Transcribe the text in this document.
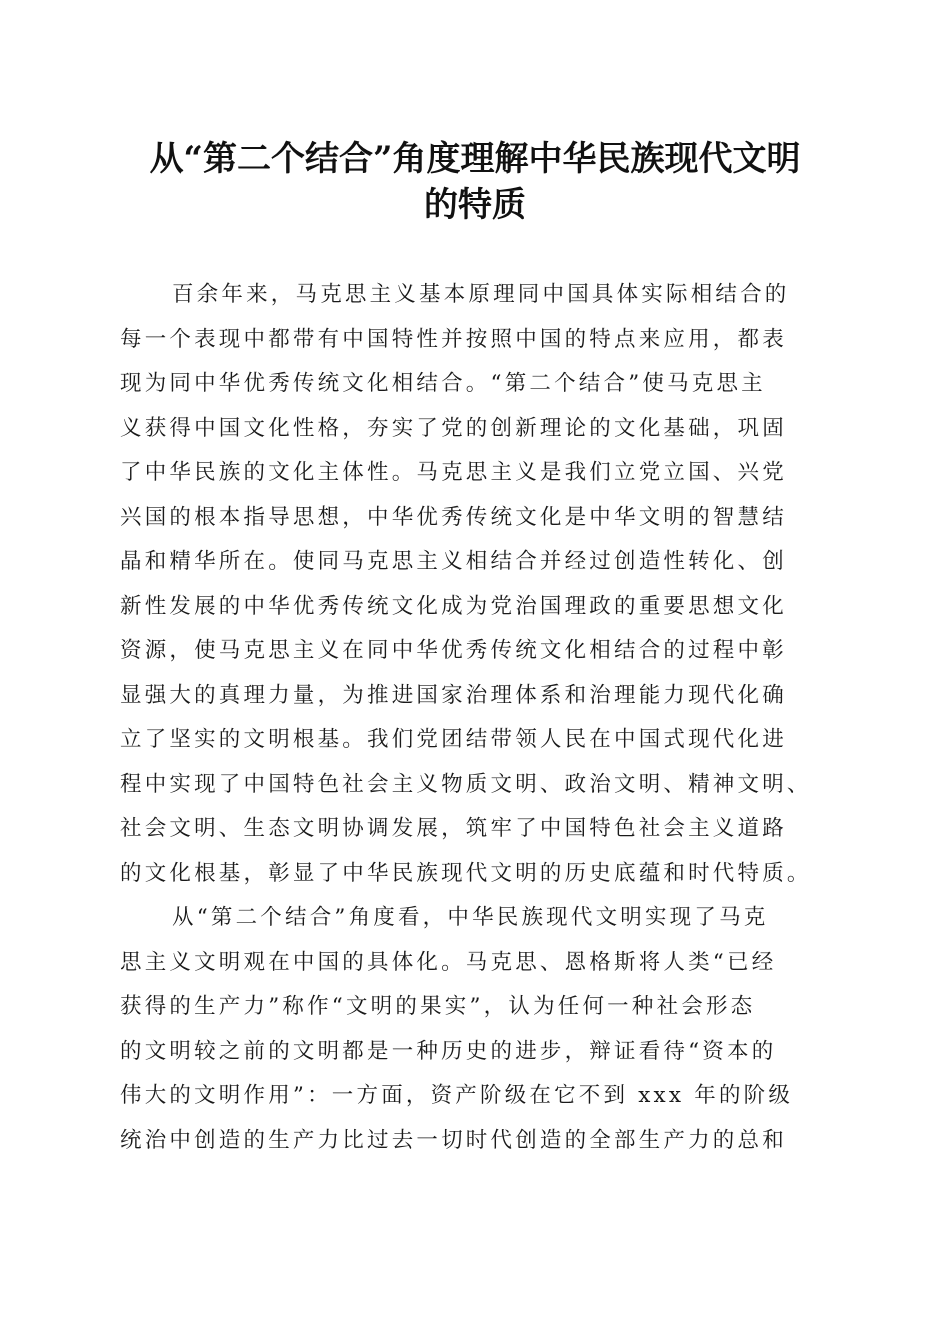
从“第二个结合”角度理解中华民族现代文明
的特质
百余年来，马克思主义基本原理同中国具体实际相结合的
每一个表现中都带有中国特性并按照中国的特点来应用，都表
现为同中华优秀传统文化相结合。“第二个结合”使马克思主
义获得中国文化性格，夯实了党的创新理论的文化基础，巩固
了中华民族的文化主体性。马克思主义是我们立党立国、兴党
兴国的根本指导思想，中华优秀传统文化是中华文明的智慧结
晶和精华所在。使同马克思主义相结合并经过创造性转化、创
新性发展的中华优秀传统文化成为党治国理政的重要思想文化
资源，使马克思主义在同中华优秀传统文化相结合的过程中彰
显强大的真理力量，为推进国家治理体系和治理能力现代化确
立了坚实的文明根基。我们党团结带领人民在中国式现代化进
程中实现了中国特色社会主义物质文明、政治文明、精神文明、
社会文明、生态文明协调发展，筑牢了中国特色社会主义道路
的文化根基，彰显了中华民族现代文明的历史底蕴和时代特质。
从“第二个结合”角度看，中华民族现代文明实现了马克
思主义文明观在中国的具体化。马克思、恩格斯将人类“已经
获得的生产力”称作“文明的果实”，认为任何一种社会形态
的文明较之前的文明都是一种历史的进步，辩证看待“资本的
伟大的文明作用”：一方面，资产阶级在它不到 xxx 年的阶级
统治中创造的生产力比过去一切时代创造的全部生产力的总和
